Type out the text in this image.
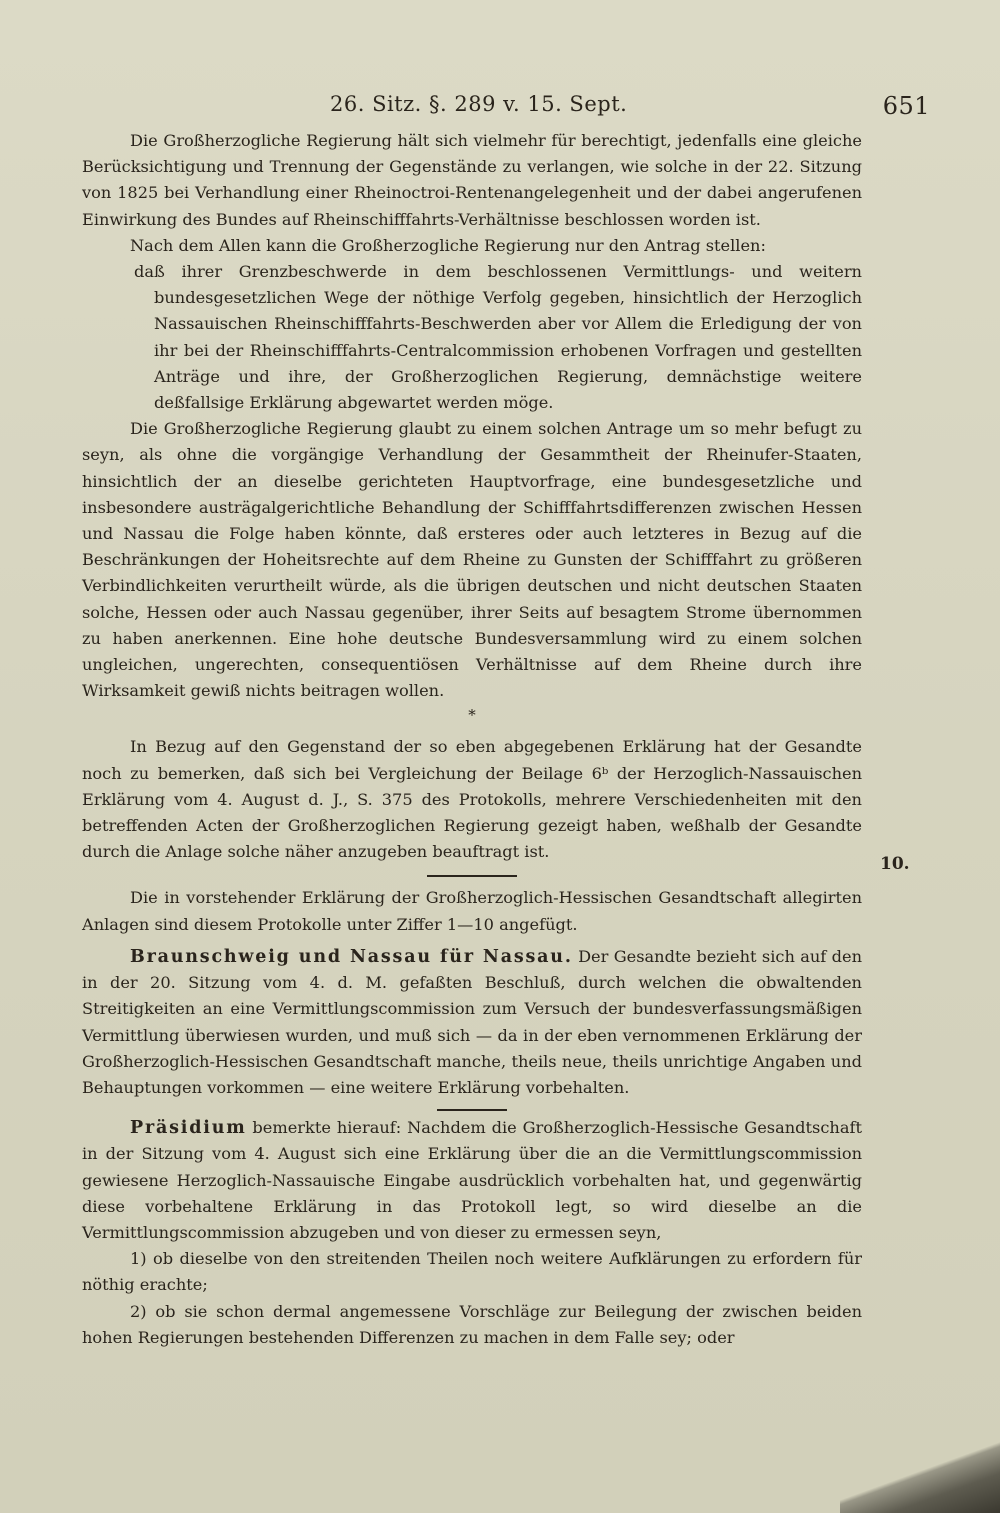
26. Sitz. §. 289 v. 15. Sept.	651

Die Großherzogliche Regierung hält sich vielmehr für berechtigt, jedenfalls eine gleiche Berücksichtigung und Trennung der Gegenstände zu verlangen, wie solche in der 22. Sitzung von 1825 bei Verhandlung einer Rheinoctroi-Rentenangelegenheit und der dabei angerufenen Einwirkung des Bundes auf Rheinschifffahrts-Verhältnisse beschlossen worden ist.

Nach dem Allen kann die Großherzogliche Regierung nur den Antrag stellen:

daß ihrer Grenzbeschwerde in dem beschlossenen Vermittlungs- und weitern bundesgesetzlichen Wege der nöthige Verfolg gegeben, hinsichtlich der Herzoglich Nassauischen Rheinschifffahrts-Beschwerden aber vor Allem die Erledigung der von ihr bei der Rheinschifffahrts-Centralcommission erhobenen Vorfragen und gestellten Anträge und ihre, der Großherzoglichen Regierung, demnächstige weitere deßfallsige Erklärung abgewartet werden möge.

Die Großherzogliche Regierung glaubt zu einem solchen Antrage um so mehr befugt zu seyn, als ohne die vorgängige Verhandlung der Gesammtheit der Rheinufer-Staaten, hinsichtlich der an dieselbe gerichteten Hauptvorfrage, eine bundesgesetzliche und insbesondere austrägalgerichtliche Behandlung der Schifffahrtsdifferenzen zwischen Hessen und Nassau die Folge haben könnte, daß ersteres oder auch letzteres in Bezug auf die Beschränkungen der Hoheitsrechte auf dem Rheine zu Gunsten der Schifffahrt zu größeren Verbindlichkeiten verurtheilt würde, als die übrigen deutschen und nicht deutschen Staaten solche, Hessen oder auch Nassau gegenüber, ihrer Seits auf besagtem Strome übernommen zu haben anerkennen. Eine hohe deutsche Bundesversammlung wird zu einem solchen ungleichen, ungerechten, consequentiösen Verhältnisse auf dem Rheine durch ihre Wirksamkeit gewiß nichts beitragen wollen.

*

In Bezug auf den Gegenstand der so eben abgegebenen Erklärung hat der Gesandte noch zu bemerken, daß sich bei Vergleichung der Beilage 6ᵇ der Herzoglich-Nassauischen Erklärung vom 4. August d. J., S. 375 des Protokolls, mehrere Verschiedenheiten mit den betreffenden Acten der Großherzoglichen Regierung gezeigt haben, weßhalb der Gesandte durch die Anlage solche näher anzugeben beauftragt ist.

Die in vorstehender Erklärung der Großherzoglich-Hessischen Gesandtschaft allegirten Anlagen sind diesem Protokolle unter Ziffer 1—10 angefügt.

Braunschweig und Nassau für Nassau. Der Gesandte bezieht sich auf den in der 20. Sitzung vom 4. d. M. gefaßten Beschluß, durch welchen die obwaltenden Streitigkeiten an eine Vermittlungscommission zum Versuch der bundesverfassungsmäßigen Vermittlung überwiesen wurden, und muß sich — da in der eben vernommenen Erklärung der Großherzoglich-Hessischen Gesandtschaft manche, theils neue, theils unrichtige Angaben und Behauptungen vorkommen — eine weitere Erklärung vorbehalten.

Präsidium bemerkte hierauf: Nachdem die Großherzoglich-Hessische Gesandtschaft in der Sitzung vom 4. August sich eine Erklärung über die an die Vermittlungscommission gewiesene Herzoglich-Nassauische Eingabe ausdrücklich vorbehalten hat, und gegenwärtig diese vorbehaltene Erklärung in das Protokoll legt, so wird dieselbe an die Vermittlungscommission abzugeben und von dieser zu ermessen seyn,

1) ob dieselbe von den streitenden Theilen noch weitere Aufklärungen zu erfordern für nöthig erachte;

2) ob sie schon dermal angemessene Vorschläge zur Beilegung der zwischen beiden hohen Regierungen bestehenden Differenzen zu machen in dem Falle sey; oder

10.
